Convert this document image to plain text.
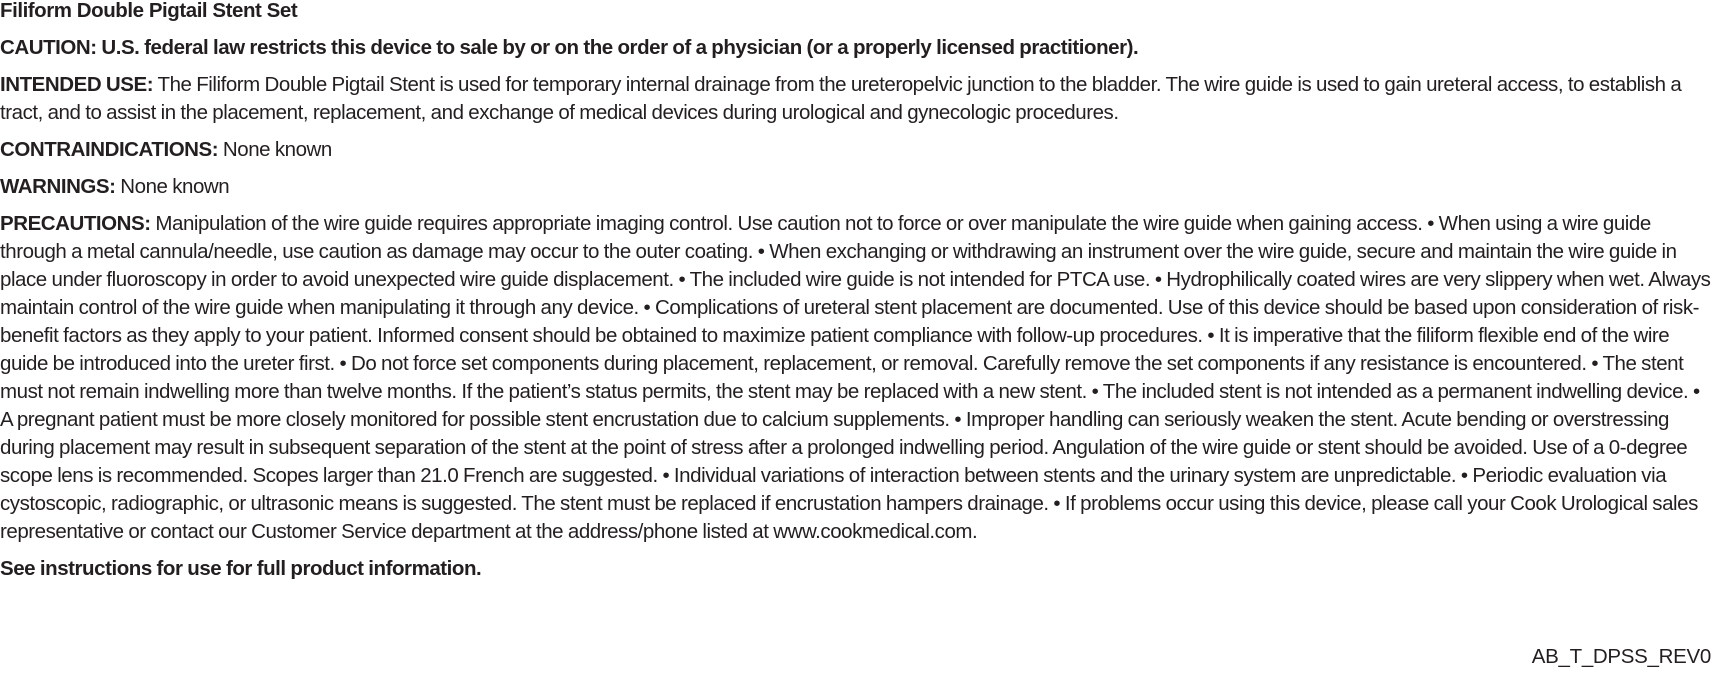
Filiform Double Pigtail Stent Set

CAUTION: U.S. federal law restricts this device to sale by or on the order of a physician (or a properly licensed practitioner).

INTENDED USE: The Filiform Double Pigtail Stent is used for temporary internal drainage from the ureteropelvic junction to the bladder. The wire guide is used to gain ureteral access, to establish a tract, and to assist in the placement, replacement, and exchange of medical devices during urological and gynecologic procedures.

CONTRAINDICATIONS: None known

WARNINGS: None known

PRECAUTIONS: Manipulation of the wire guide requires appropriate imaging control. Use caution not to force or over manipulate the wire guide when gaining access. • When using a wire guide through a metal cannula/needle, use caution as damage may occur to the outer coating. • When exchanging or withdrawing an instrument over the wire guide, secure and maintain the wire guide in place under fluoroscopy in order to avoid unexpected wire guide displacement. • The included wire guide is not intended for PTCA use. • Hydrophilically coated wires are very slippery when wet. Always maintain control of the wire guide when manipulating it through any device. • Complications of ureteral stent placement are documented. Use of this device should be based upon consideration of risk-benefit factors as they apply to your patient. Informed consent should be obtained to maximize patient compliance with follow-up procedures. • It is imperative that the filiform flexible end of the wire guide be introduced into the ureter first. • Do not force set components during placement, replacement, or removal. Carefully remove the set components if any resistance is encountered. • The stent must not remain indwelling more than twelve months. If the patient’s status permits, the stent may be replaced with a new stent. • The included stent is not intended as a permanent indwelling device. • A pregnant patient must be more closely monitored for possible stent encrustation due to calcium supplements. • Improper handling can seriously weaken the stent. Acute bending or overstressing during placement may result in subsequent separation of the stent at the point of stress after a prolonged indwelling period. Angulation of the wire guide or stent should be avoided. Use of a 0-degree scope lens is recommended. Scopes larger than 21.0 French are suggested. • Individual variations of interaction between stents and the urinary system are unpredictable. • Periodic evaluation via cystoscopic, radiographic, or ultrasonic means is suggested. The stent must be replaced if encrustation hampers drainage. • If problems occur using this device, please call your Cook Urological sales representative or contact our Customer Service department at the address/phone listed at www.cookmedical.com.

See instructions for use for full product information.

AB_T_DPSS_REV0
